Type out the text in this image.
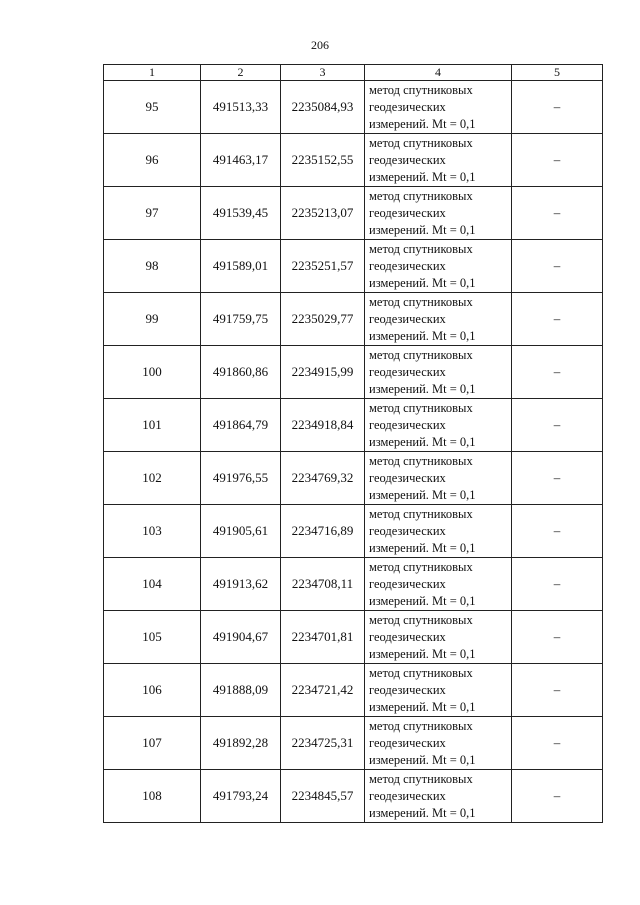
206
1	2	3	4	5
95	491513,33	2235084,93	метод спутниковых
геодезических
измерений. Mt = 0,1	–
96	491463,17	2235152,55	метод спутниковых
геодезических
измерений. Mt = 0,1	–
97	491539,45	2235213,07	метод спутниковых
геодезических
измерений. Mt = 0,1	–
98	491589,01	2235251,57	метод спутниковых
геодезических
измерений. Mt = 0,1	–
99	491759,75	2235029,77	метод спутниковых
геодезических
измерений. Mt = 0,1	–
100	491860,86	2234915,99	метод спутниковых
геодезических
измерений. Mt = 0,1	–
101	491864,79	2234918,84	метод спутниковых
геодезических
измерений. Mt = 0,1	–
102	491976,55	2234769,32	метод спутниковых
геодезических
измерений. Mt = 0,1	–
103	491905,61	2234716,89	метод спутниковых
геодезических
измерений. Mt = 0,1	–
104	491913,62	2234708,11	метод спутниковых
геодезических
измерений. Mt = 0,1	–
105	491904,67	2234701,81	метод спутниковых
геодезических
измерений. Mt = 0,1	–
106	491888,09	2234721,42	метод спутниковых
геодезических
измерений. Mt = 0,1	–
107	491892,28	2234725,31	метод спутниковых
геодезических
измерений. Mt = 0,1	–
108	491793,24	2234845,57	метод спутниковых
геодезических
измерений. Mt = 0,1	–
